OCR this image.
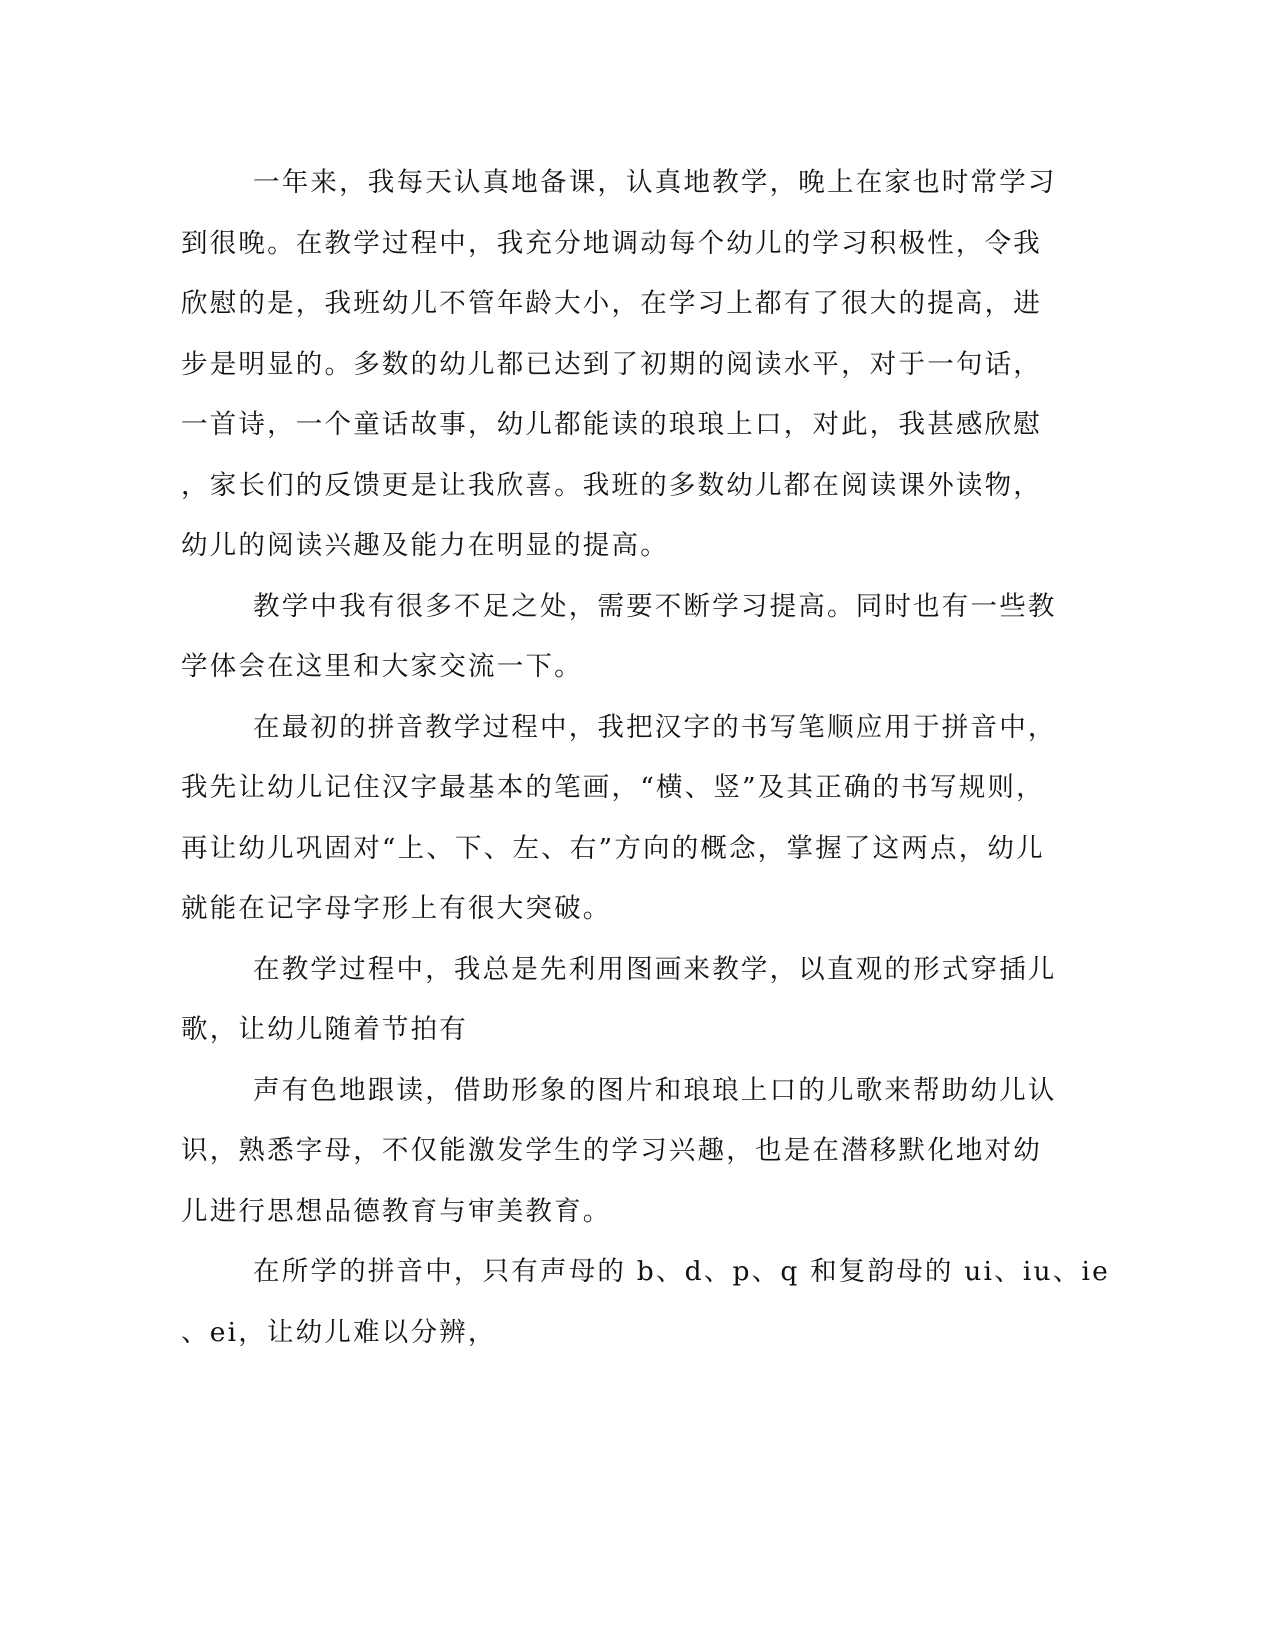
一年来，我每天认真地备课，认真地教学，晚上在家也时常学习
到很晚。在教学过程中，我充分地调动每个幼儿的学习积极性，令我
欣慰的是，我班幼儿不管年龄大小，在学习上都有了很大的提高，进
步是明显的。多数的幼儿都已达到了初期的阅读水平，对于一句话，
一首诗，一个童话故事，幼儿都能读的琅琅上口，对此，我甚感欣慰
，家长们的反馈更是让我欣喜。我班的多数幼儿都在阅读课外读物，
幼儿的阅读兴趣及能力在明显的提高。
教学中我有很多不足之处，需要不断学习提高。同时也有一些教
学体会在这里和大家交流一下。
在最初的拼音教学过程中，我把汉字的书写笔顺应用于拼音中，
我先让幼儿记住汉字最基本的笔画，“横、竖”及其正确的书写规则，
再让幼儿巩固对“上、下、左、右”方向的概念，掌握了这两点，幼儿
就能在记字母字形上有很大突破。
在教学过程中，我总是先利用图画来教学，以直观的形式穿插儿
歌，让幼儿随着节拍有
声有色地跟读，借助形象的图片和琅琅上口的儿歌来帮助幼儿认
识，熟悉字母，不仅能激发学生的学习兴趣，也是在潜移默化地对幼
儿进行思想品德教育与审美教育。
在所学的拼音中，只有声母的 b、d、p、q 和复韵母的 ui、iu、ie
、ei，让幼儿难以分辨，
